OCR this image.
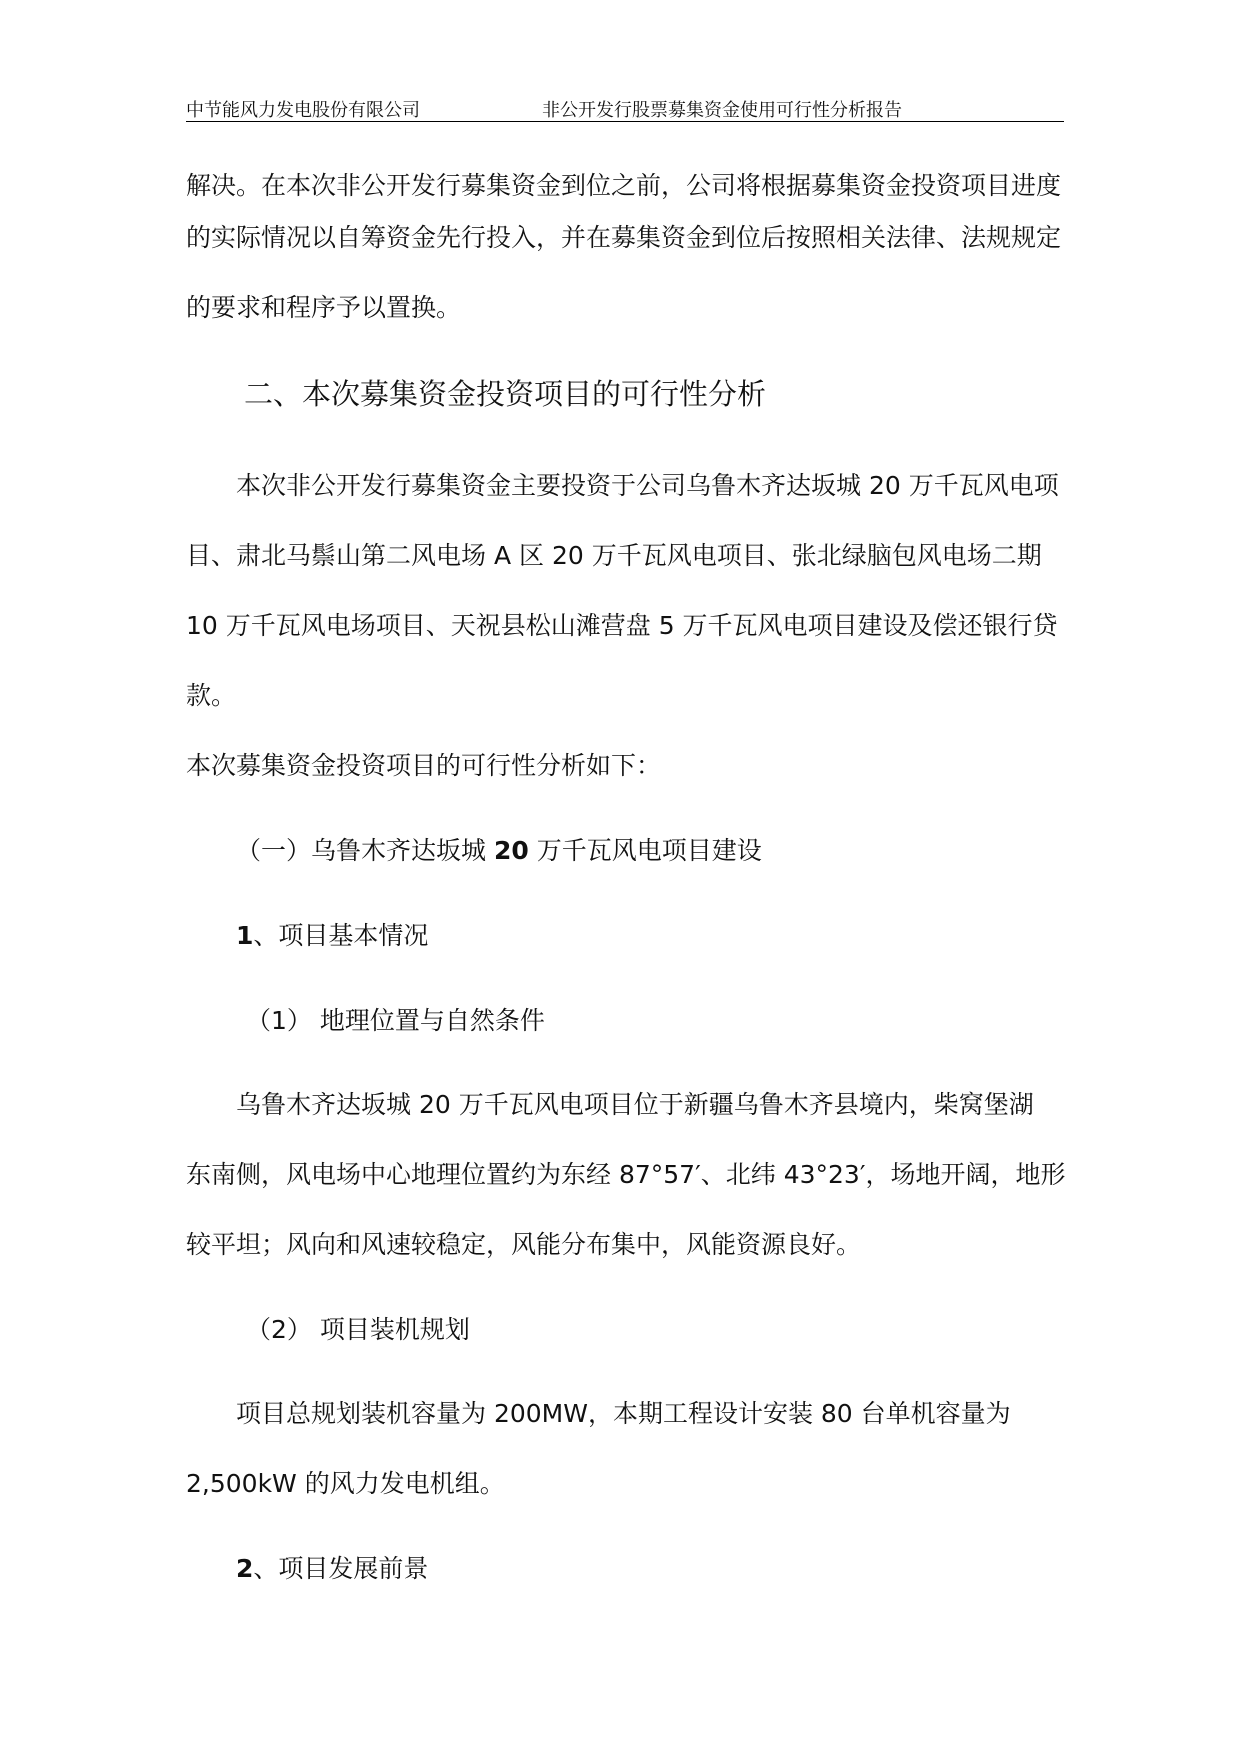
中节能风力发电股份有限公司	非公开发行股票募集资金使用可行性分析报告
解决。在本次非公开发行募集资金到位之前，公司将根据募集资金投资项目进度
的实际情况以自筹资金先行投入，并在募集资金到位后按照相关法律、法规规定
的要求和程序予以置换。
二、本次募集资金投资项目的可行性分析
本次非公开发行募集资金主要投资于公司乌鲁木齐达坂城 20 万千瓦风电项
目、肃北马鬃山第二风电场 A 区 20 万千瓦风电项目、张北绿脑包风电场二期
10 万千瓦风电场项目、天祝县松山滩营盘 5 万千瓦风电项目建设及偿还银行贷
款。
本次募集资金投资项目的可行性分析如下：
（一）乌鲁木齐达坂城 20 万千瓦风电项目建设
1、项目基本情况
（1） 地理位置与自然条件
乌鲁木齐达坂城 20 万千瓦风电项目位于新疆乌鲁木齐县境内，柴窝堡湖
东南侧，风电场中心地理位置约为东经 87°57′、北纬 43°23′，场地开阔，地形
较平坦；风向和风速较稳定，风能分布集中，风能资源良好。
（2） 项目装机规划
项目总规划装机容量为 200MW，本期工程设计安装 80 台单机容量为
2,500kW 的风力发电机组。
2、项目发展前景
